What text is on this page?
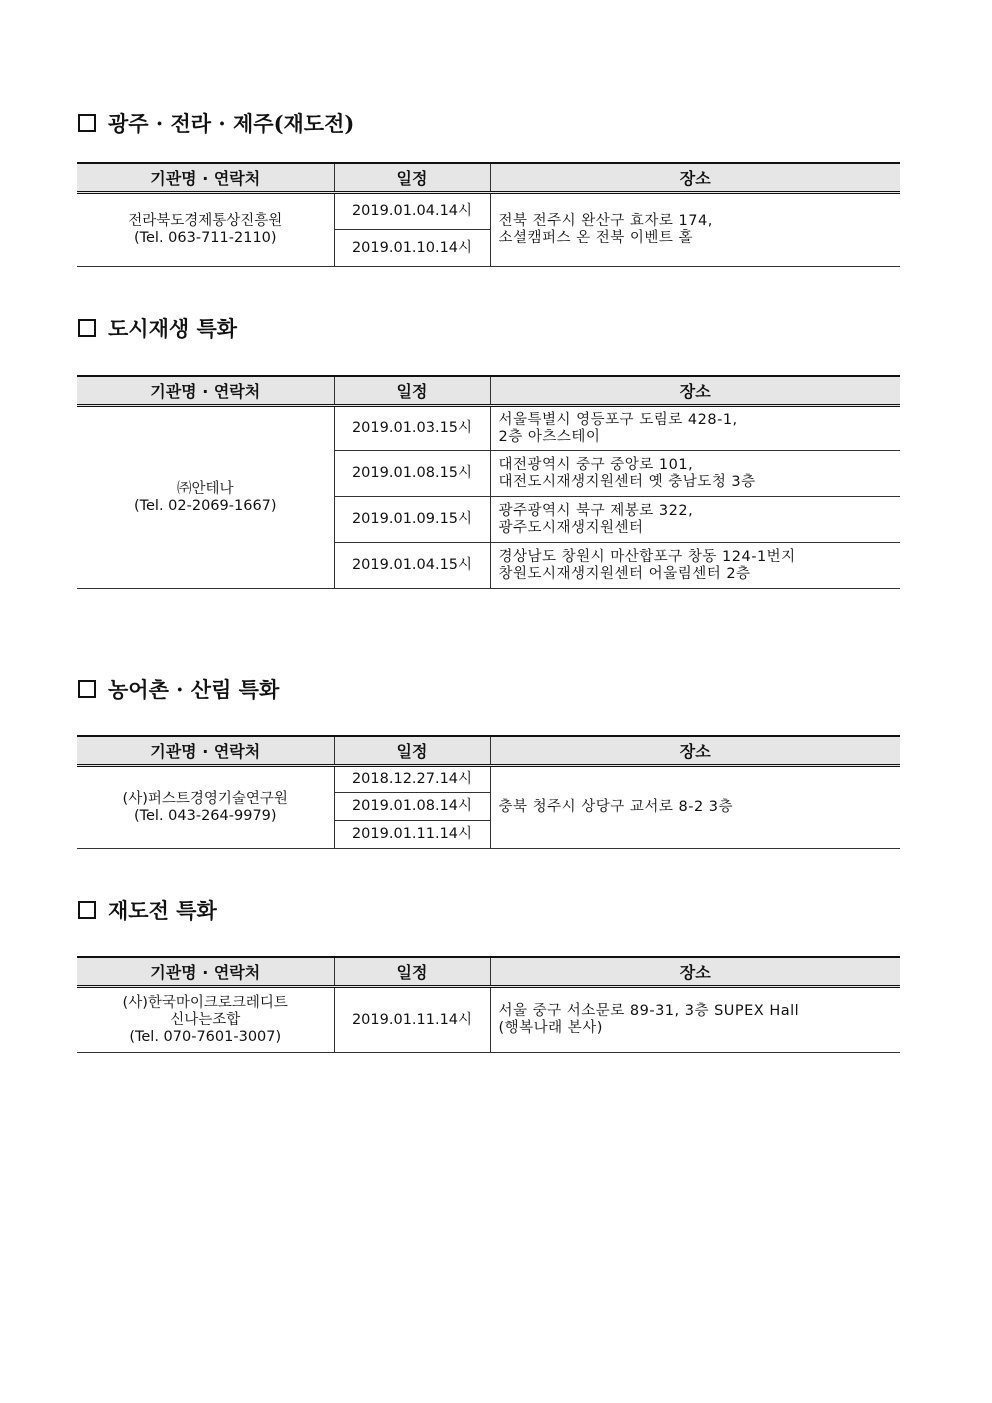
광주 · 전라 · 제주(재도전)
기관명 · 연락처	일정	장소

전라북도경제통상진흥원
(Tel. 063-711-2110)	2019.01.04.14시	전북 전주시 완산구 효자로 174,
소셜캠퍼스 온 전북 이벤트 홀

	2019.01.10.14시	
도시재생 특화
기관명 · 연락처	일정	장소

㈜안테나
(Tel. 02-2069-1667)	2019.01.03.15시	서울특별시 영등포구 도림로 428-1,
2층 아츠스테이

	2019.01.08.15시	대전광역시 중구 중앙로 101,
대전도시재생지원센터 옛 충남도청 3층

	2019.01.09.15시	광주광역시 북구 제봉로 322,
광주도시재생지원센터

	2019.01.04.15시	경상남도 창원시 마산합포구 창동 124-1번지
창원도시재생지원센터 어울림센터 2층
농어촌 · 산림 특화
기관명 · 연락처	일정	장소

(사)퍼스트경영기술연구원
(Tel. 043-264-9979)	2018.12.27.14시	충북 청주시 상당구 교서로 8-2 3층
	2019.01.08.14시	
	2019.01.11.14시	
재도전 특화
기관명 · 연락처	일정	장소

(사)한국마이크로크레디트
신나는조합
(Tel. 070-7601-3007)	2019.01.11.14시	서울 중구 서소문로 89-31, 3층 SUPEX Hall
(행복나래 본사)
